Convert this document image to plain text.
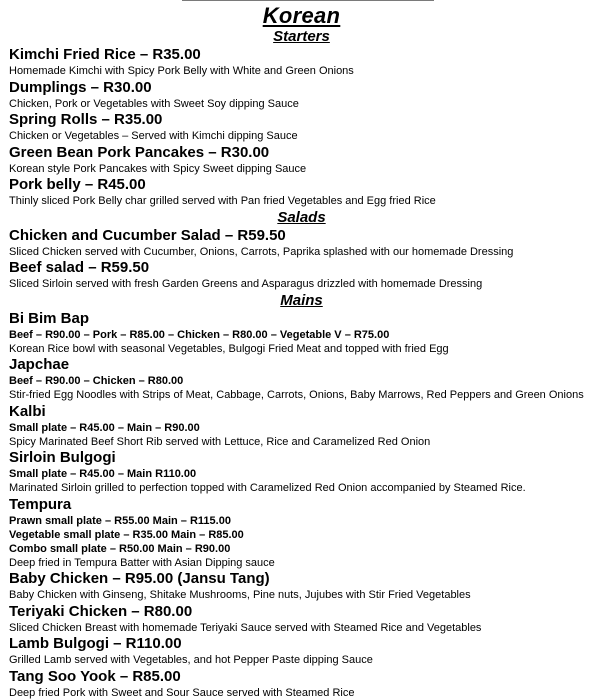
Korean
Starters
Kimchi Fried Rice – R35.00
Homemade Kimchi with Spicy Pork Belly with White and Green Onions
Dumplings – R30.00
Chicken, Pork or Vegetables with Sweet Soy dipping Sauce
Spring Rolls – R35.00
Chicken or Vegetables – Served with Kimchi dipping Sauce
Green Bean Pork Pancakes – R30.00
Korean style Pork Pancakes with Spicy Sweet dipping Sauce
Pork belly – R45.00
Thinly sliced Pork Belly char grilled served with Pan fried Vegetables and Egg fried Rice
Salads
Chicken and Cucumber Salad – R59.50
Sliced Chicken served with Cucumber, Onions, Carrots, Paprika splashed with our homemade Dressing
Beef salad – R59.50
Sliced Sirloin served with fresh Garden Greens and Asparagus drizzled with homemade Dressing
Mains
Bi Bim Bap
Beef – R90.00 – Pork – R85.00 – Chicken – R80.00 – Vegetable V – R75.00
Korean Rice bowl with seasonal Vegetables, Bulgogi Fried Meat and topped with fried Egg
Japchae
Beef – R90.00 – Chicken – R80.00
Stir-fried Egg Noodles with Strips of Meat, Cabbage, Carrots, Onions, Baby Marrows, Red Peppers and Green Onions
Kalbi
Small plate – R45.00 – Main – R90.00
Spicy Marinated Beef Short Rib served with Lettuce, Rice and Caramelized Red Onion
Sirloin Bulgogi
Small plate – R45.00 – Main R110.00
Marinated Sirloin grilled to perfection topped with Caramelized Red Onion accompanied by Steamed Rice.
Tempura
Prawn small plate – R55.00 Main – R115.00
Vegetable small plate – R35.00 Main – R85.00
Combo small plate – R50.00 Main – R90.00
Deep fried in Tempura Batter with Asian Dipping sauce
Baby Chicken – R95.00 (Jansu Tang)
Baby Chicken with Ginseng, Shitake Mushrooms, Pine nuts, Jujubes with Stir Fried Vegetables
Teriyaki Chicken – R80.00
Sliced Chicken Breast with homemade Teriyaki Sauce served with Steamed Rice and Vegetables
Lamb Bulgogi – R110.00
Grilled Lamb served with Vegetables, and hot Pepper Paste dipping Sauce
Tang Soo Yook – R85.00
Deep fried Pork with Sweet and Sour Sauce served with Steamed Rice
